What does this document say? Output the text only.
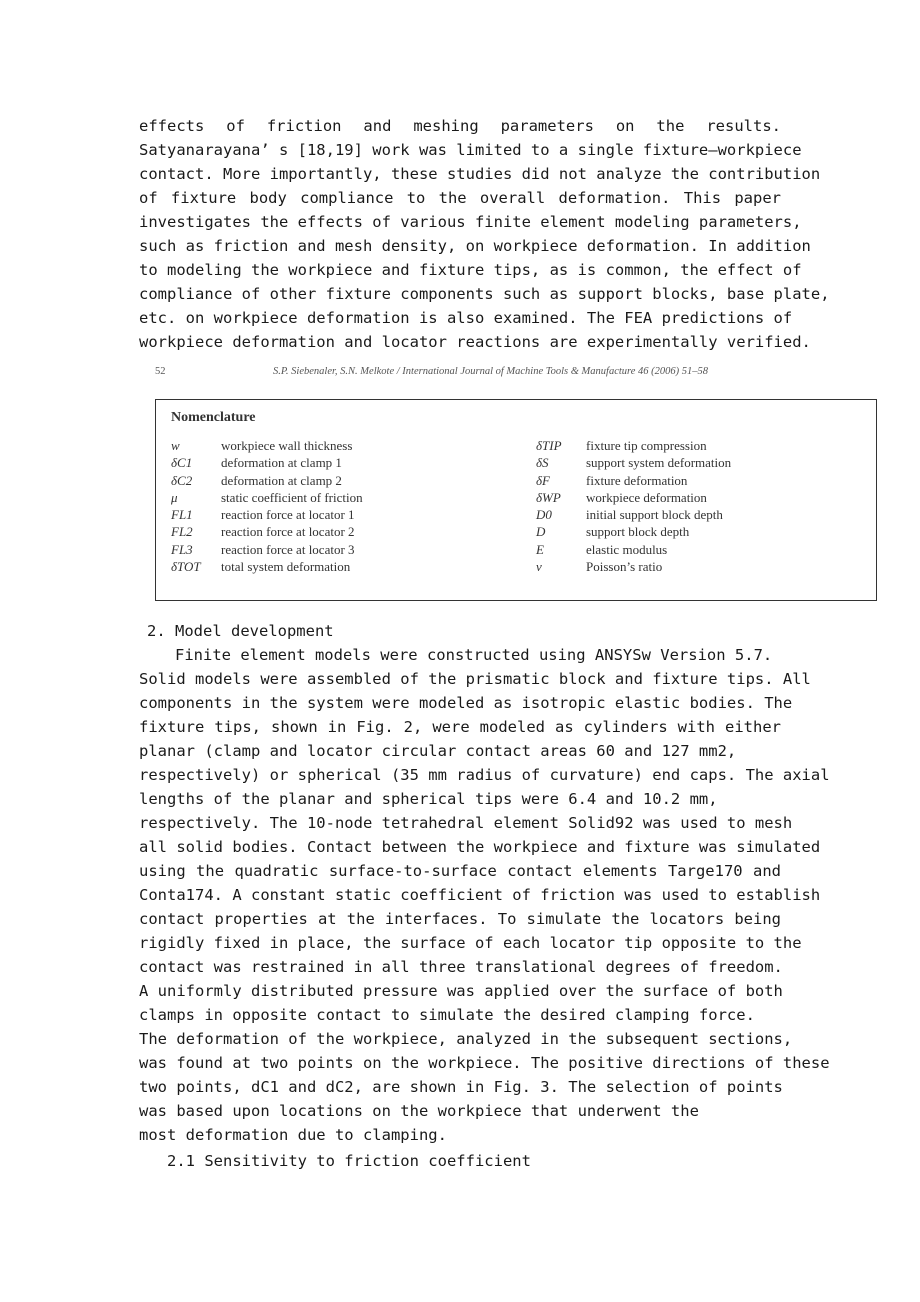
effects of friction and meshing parameters on the results.
Satyanarayana’ s [18,19] work was limited to a single fixture–workpiece
contact. More importantly, these studies did not analyze the contribution
of fixture body compliance to the overall deformation. This paper
investigates the effects of various finite element modeling parameters,
such as friction and mesh density, on workpiece deformation. In addition
to modeling the workpiece and fixture tips, as is common, the effect of
compliance of other fixture components such as support blocks, base plate,
etc. on workpiece deformation is also examined. The FEA predictions of
workpiece deformation and locator reactions are experimentally verified.
52	S.P. Siebenaler, S.N. Melkote / International Journal of Machine Tools & Manufacture 46 (2006) 51–58
Nomenclature
w	workpiece wall thickness
δC1 deformation at clamp 1
δC2 deformation at clamp 2
μ	static coefficient of friction
FL1 reaction force at locator 1
FL2 reaction force at locator 2
FL3 reaction force at locator 3
δTOT total system deformation
δTIP fixture tip compression
δS	support system deformation
δF	fixture deformation
δWP workpiece deformation
D0	initial support block depth
D	support block depth
E	elastic modulus
ν	Poisson’s ratio
2. Model development
Finite element models were constructed using ANSYSw Version 5.7.
Solid models were assembled of the prismatic block and fixture tips. All
components in the system were modeled as isotropic elastic bodies. The
fixture tips, shown in Fig. 2, were modeled as cylinders with either
planar (clamp and locator circular contact areas 60 and 127 mm2,
respectively) or spherical (35 mm radius of curvature) end caps. The axial
lengths of the planar and spherical tips were 6.4 and 10.2 mm,
respectively. The 10-node tetrahedral element Solid92 was used to mesh
all solid bodies. Contact between the workpiece and fixture was simulated
using the quadratic surface-to-surface contact elements Targe170 and
Conta174. A constant static coefficient of friction was used to establish
contact properties at the interfaces. To simulate the locators being
rigidly fixed in place, the surface of each locator tip opposite to the
contact was restrained in all three translational degrees of freedom.
A uniformly distributed pressure was applied over the surface of both
clamps in opposite contact to simulate the desired clamping force.
The deformation of the workpiece, analyzed in the subsequent sections,
was found at two points on the workpiece. The positive directions of these
two points, dC1 and dC2, are shown in Fig. 3. The selection of points
was based upon locations on the workpiece that underwent the
most deformation due to clamping.
2.1 Sensitivity to friction coefficient
